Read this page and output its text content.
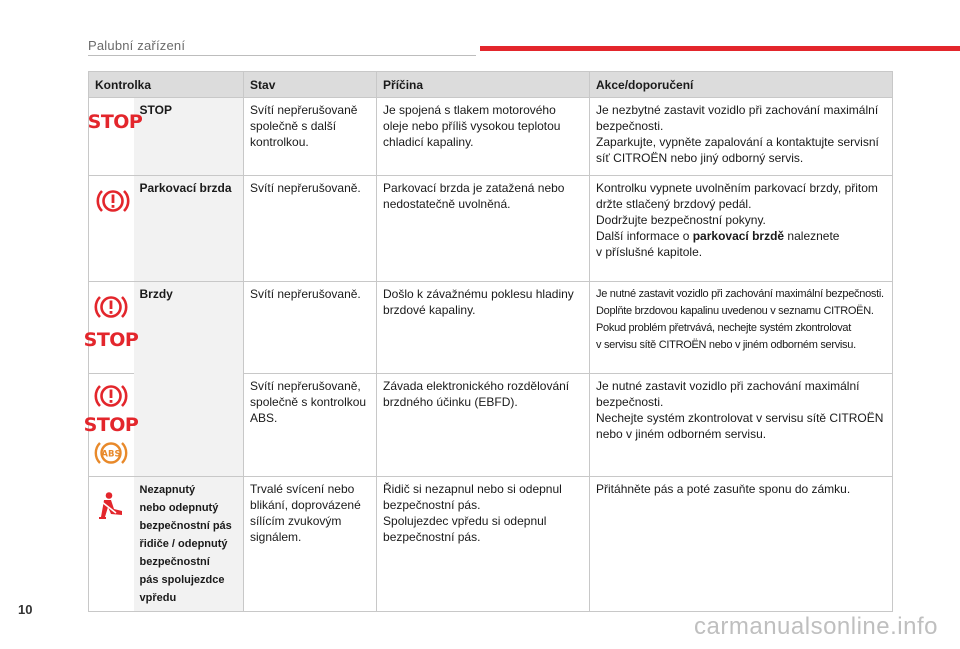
Palubní zařízení
Kontrolka		Stav	Příčina	Akce/doporučení

STOP	STOP	Svítí nepřerušovaně společně s další kontrolkou.	Je spojená s tlakem motorového oleje nebo příliš vysokou teplotou chladicí kapaliny.	Je nezbytné zastavit vozidlo při zachování maximální bezpečnosti.
Zaparkujte, vypněte zapalování a kontaktujte servisní síť CITROËN nebo jiný odborný servis.

	Parkovací brzda	Svítí nepřerušovaně.	Parkovací brzda je zatažená nebo nedostatečně uvolněná.	Kontrolku vypnete uvolněním parkovací brzdy, přitom držte stlačený brzdový pedál.
Dodržujte bezpečnostní pokyny.
Další informace o parkovací brzdě naleznete
v příslušné kapitole.

STOP	Brzdy	Svítí nepřerušovaně.	Došlo k závažnému poklesu hladiny brzdové kapaliny.	Je nutné zastavit vozidlo při zachování maximální bezpečnosti.
Doplňte brzdovou kapalinu uvedenou v seznamu CITROËN.
Pokud problém přetrvává, nechejte systém zkontrolovat
v servisu sítě CITROËN nebo v jiném odborném servisu.

STOP
ABS		Svítí nepřerušovaně, společně s kontrolkou ABS.	Závada elektronického rozdělování brzdného účinku (EBFD).	Je nutné zastavit vozidlo při zachování maximální bezpečnosti.
Nechejte systém zkontrolovat v servisu sítě CITROËN nebo v jiném odborném servisu.

	Nezapnutý
nebo odepnutý bezpečnostní pás řidiče / odepnutý bezpečnostní
pás spolujezdce
vpředu	Trvalé svícení nebo blikání, doprovázené sílícím zvukovým signálem.	Řidič si nezapnul nebo si odepnul bezpečnostní pás.
Spolujezdec vpředu si odepnul bezpečnostní pás.	Přitáhněte pás a poté zasuňte sponu do zámku.
10
carmanualsonline.info
